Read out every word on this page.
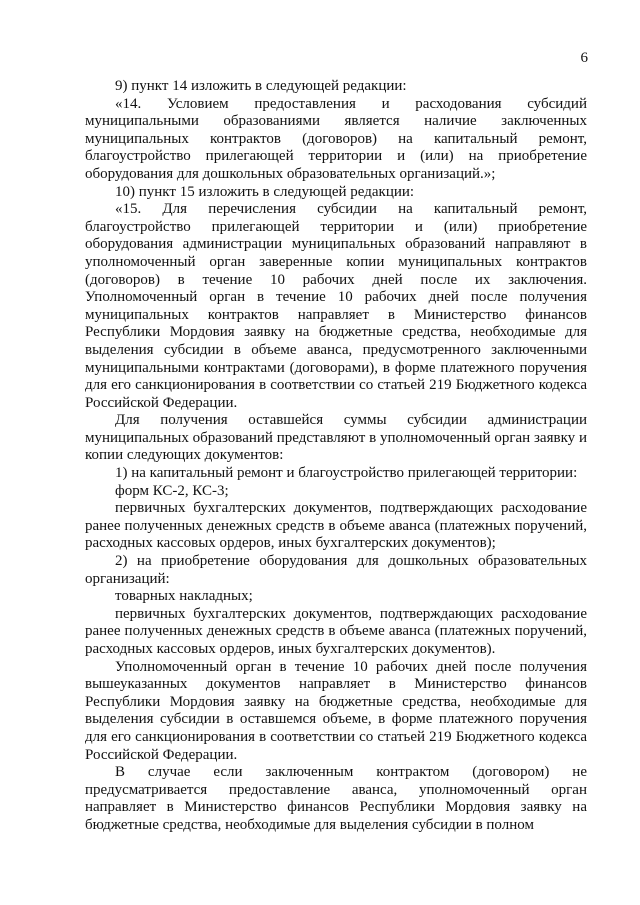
6

9) пункт 14 изложить в следующей редакции:

«14. Условием предоставления и расходования субсидий муниципальными образованиями является наличие заключенных муниципальных контрактов (договоров) на капитальный ремонт, благоустройство прилегающей территории и (или) на приобретение оборудования для дошкольных образовательных организаций.»;

10) пункт 15 изложить в следующей редакции:

«15. Для перечисления субсидии на капитальный ремонт, благоустройство прилегающей территории и (или) приобретение оборудования администрации муниципальных образований направляют в уполномоченный орган заверенные копии муниципальных контрактов (договоров) в течение 10 рабочих дней после их заключения. Уполномоченный орган в течение 10 рабочих дней после получения муниципальных контрактов направляет в Министерство финансов Республики Мордовия заявку на бюджетные средства, необходимые для выделения субсидии в объеме аванса, предусмотренного заключенными муниципальными контрактами (договорами), в форме платежного поручения для его санкционирования в соответствии со статьей 219 Бюджетного кодекса Российской Федерации.

Для получения оставшейся суммы субсидии администрации муниципальных образований представляют в уполномоченный орган заявку и копии следующих документов:

1) на капитальный ремонт и благоустройство прилегающей территории:

форм КС-2, КС-3;

первичных бухгалтерских документов, подтверждающих расходование ранее полученных денежных средств в объеме аванса (платежных поручений, расходных кассовых ордеров, иных бухгалтерских документов);

2) на приобретение оборудования для дошкольных образовательных организаций:

товарных накладных;

первичных бухгалтерских документов, подтверждающих расходование ранее полученных денежных средств в объеме аванса (платежных поручений, расходных кассовых ордеров, иных бухгалтерских документов).

Уполномоченный орган в течение 10 рабочих дней после получения вышеуказанных документов направляет в Министерство финансов Республики Мордовия заявку на бюджетные средства, необходимые для выделения субсидии в оставшемся объеме, в форме платежного поручения для его санкционирования в соответствии со статьей 219 Бюджетного кодекса Российской Федерации.

В случае если заключенным контрактом (договором) не предусматривается предоставление аванса, уполномоченный орган направляет в Министерство финансов Республики Мордовия заявку на бюджетные средства, необходимые для выделения субсидии в полном
